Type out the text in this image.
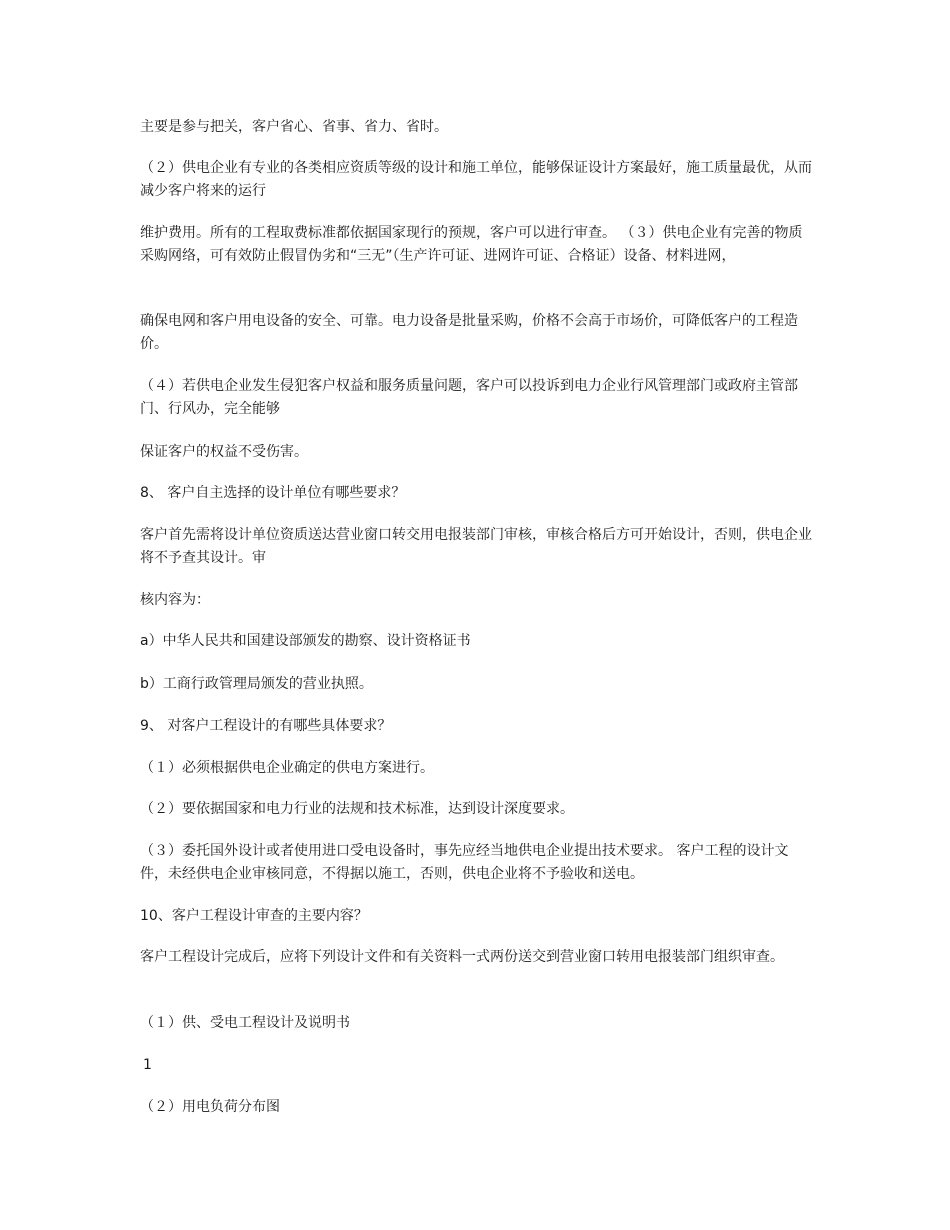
主要是参与把关，客户省心、省事、省力、省时。

（２）供电企业有专业的各类相应资质等级的设计和施工单位，能够保证设计方案最好，施工质量最优，从而减少客户将来的运行

维护费用。所有的工程取费标准都依据国家现行的预规，客户可以进行审查。 （３）供电企业有完善的物质采购网络，可有效防止假冒伪劣和“三无”（生产许可证、进网许可证、合格证）设备、材料进网，

确保电网和客户用电设备的安全、可靠。电力设备是批量采购，价格不会高于市场价，可降低客户的工程造价。

（４）若供电企业发生侵犯客户权益和服务质量问题，客户可以投诉到电力企业行风管理部门或政府主管部门、行风办，完全能够

保证客户的权益不受伤害。

8、 客户自主选择的设计单位有哪些要求？

客户首先需将设计单位资质送达营业窗口转交用电报装部门审核，审核合格后方可开始设计，否则，供电企业将不予查其设计。审

核内容为：

a）中华人民共和国建设部颁发的勘察、设计资格证书

b）工商行政管理局颁发的营业执照。

9、 对客户工程设计的有哪些具体要求？

（１）必须根据供电企业确定的供电方案进行。

（２）要依据国家和电力行业的法规和技术标准，达到设计深度要求。

（３）委托国外设计或者使用进口受电设备时，事先应经当地供电企业提出技术要求。 客户工程的设计文件，未经供电企业审核同意，不得据以施工，否则，供电企业将不予验收和送电。

10、客户工程设计审查的主要内容？

客户工程设计完成后，应将下列设计文件和有关资料一式两份送交到营业窗口转用电报装部门组织审查。

（１）供、受电工程设计及说明书

1

（２）用电负荷分布图
